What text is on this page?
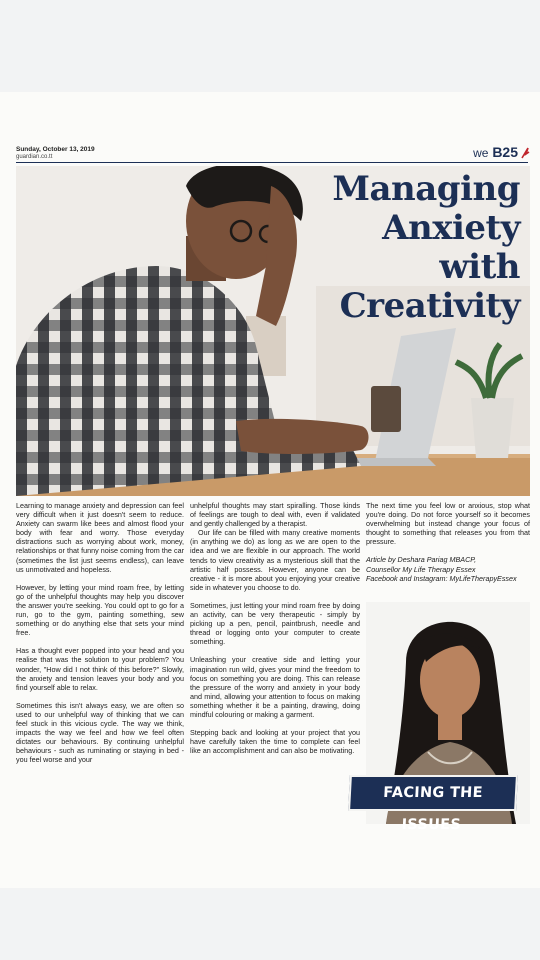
Sunday, October 13, 2019
guardian.co.tt	we B25
Managing
Anxiety
with
Creativity

Learning to manage anxiety and depression can feel very difficult when it just doesn't seem to reduce. Anxiety can swarm like bees and almost flood your body with fear and worry. Those everyday distractions such as worrying about work, money, relationships or that funny noise coming from the car (sometimes the list just seems endless), can leave us unmotivated and hopeless.

However, by letting your mind roam free, by letting go of the unhelpful thoughts may help you discover the answer you're seeking. You could opt to go for a run, go to the gym, painting something, sew something or do anything else that sets your mind free.

Has a thought ever popped into your head and you realise that was the solution to your problem? You wonder, "How did I not think of this before?" Slowly, the anxiety and tension leaves your body and you find yourself able to relax.

Sometimes this isn't always easy, we are often so used to our unhelpful way of thinking that we can feel stuck in this vicious cycle. The way we think, impacts the way we feel and how we feel often dictates our behaviours. By continuing unhelpful behaviours - such as ruminating or staying in bed - you feel worse and your

unhelpful thoughts may start spiralling. Those kinds of feelings are tough to deal with, even if validated and gently challenged by a therapist.

Our life can be filled with many creative moments (in anything we do) as long as we are open to the idea and we are flexible in our approach. The world tends to view creativity as a mysterious skill that the artistic half possess. However, anyone can be creative - it is more about you enjoying your creative side in whatever you choose to do.

Sometimes, just letting your mind roam free by doing an activity, can be very therapeutic - simply by picking up a pen, pencil, paintbrush, needle and thread or logging onto your computer to create something.

Unleashing your creative side and letting your imagination run wild, gives your mind the freedom to focus on something you are doing. This can release the pressure of the worry and anxiety in your body and mind, allowing your attention to focus on making something whether it be a painting, drawing, doing mindful colouring or making a garment.

Stepping back and looking at your project that you have carefully taken the time to complete can feel like an accomplishment and can also be motivating.

The next time you feel low or anxious, stop what you're doing. Do not force yourself so it becomes overwhelming but instead change your focus of thought to something that releases you from that pressure.

Article by Deshara Pariag MBACP,
Counsellor My Life Therapy Essex
Facebook and Instagram: MyLifeTherapyEssex
FACING THE ISSUES
